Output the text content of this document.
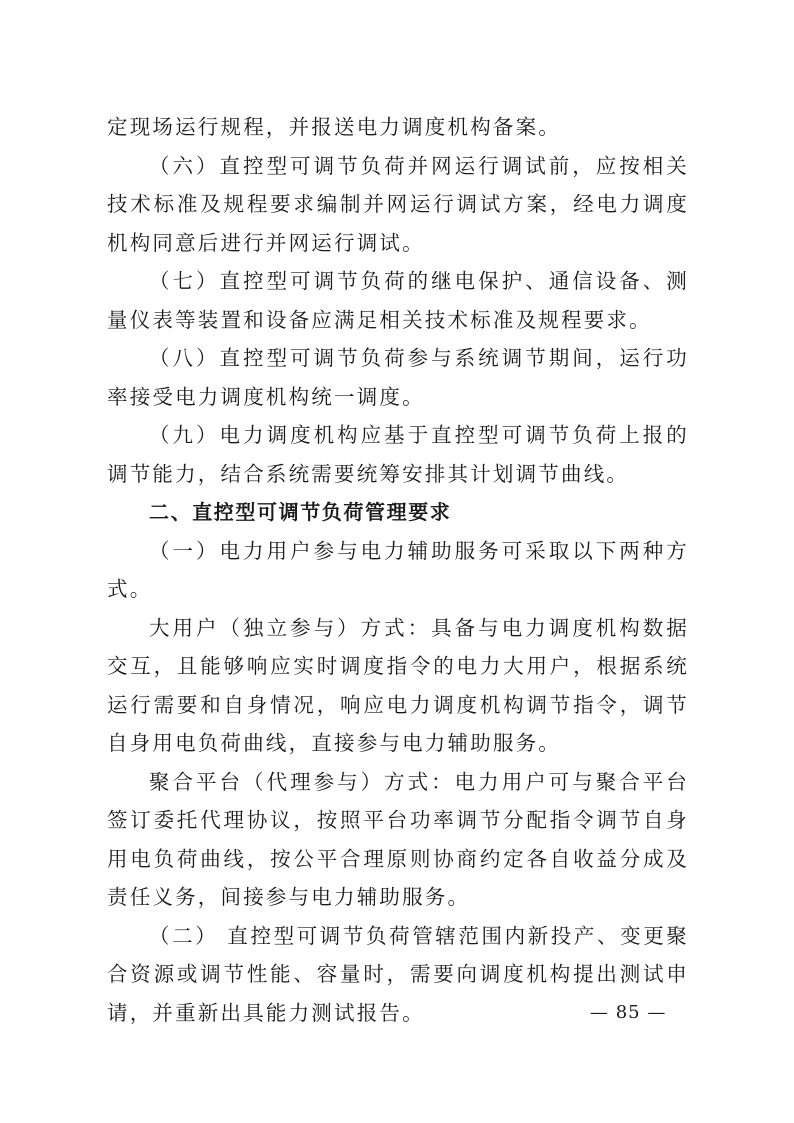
定现场运行规程，并报送电力调度机构备案。

（六）直控型可调节负荷并网运行调试前，应按相关技术标准及规程要求编制并网运行调试方案，经电力调度机构同意后进行并网运行调试。

（七）直控型可调节负荷的继电保护、通信设备、测量仪表等装置和设备应满足相关技术标准及规程要求。

（八）直控型可调节负荷参与系统调节期间，运行功率接受电力调度机构统一调度。

（九）电力调度机构应基于直控型可调节负荷上报的调节能力，结合系统需要统筹安排其计划调节曲线。

二、直控型可调节负荷管理要求

（一）电力用户参与电力辅助服务可采取以下两种方式。

大用户（独立参与）方式：具备与电力调度机构数据交互，且能够响应实时调度指令的电力大用户，根据系统运行需要和自身情况，响应电力调度机构调节指令，调节自身用电负荷曲线，直接参与电力辅助服务。

聚合平台（代理参与）方式：电力用户可与聚合平台签订委托代理协议，按照平台功率调节分配指令调节自身用电负荷曲线，按公平合理原则协商约定各自收益分成及责任义务，间接参与电力辅助服务。

（二） 直控型可调节负荷管辖范围内新投产、变更聚合资源或调节性能、容量时，需要向调度机构提出测试申请，并重新出具能力测试报告。	— 85 —
